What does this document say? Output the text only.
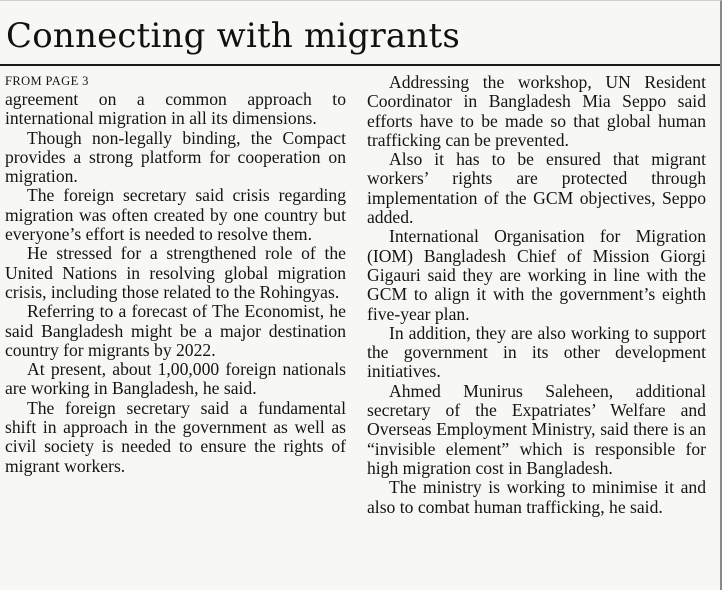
Connecting with migrants
FROM PAGE 3

agreement on a common approach to international migration in all its dimensions.

Though non-legally binding, the Compact provides a strong platform for cooperation on migration.

The foreign secretary said crisis regarding migration was often created by one country but everyone’s effort is needed to resolve them.

He stressed for a strengthened role of the United Nations in resolving global migration crisis, including those related to the Rohingyas.

Referring to a forecast of The Economist, he said Bangladesh might be a major destination country for migrants by 2022.

At present, about 1,00,000 foreign nationals are working in Bangladesh, he said.

The foreign secretary said a fundamental shift in approach in the government as well as civil society is needed to ensure the rights of migrant workers.

Addressing the workshop, UN Resident Coordinator in Bangladesh Mia Seppo said efforts have to be made so that global human trafficking can be prevented.

Also it has to be ensured that migrant workers’ rights are protected through implementation of the GCM objectives, Seppo added.

International Organisation for Migration (IOM) Bangladesh Chief of Mission Giorgi Gigauri said they are working in line with the GCM to align it with the government’s eighth five-year plan.

In addition, they are also working to support the government in its other development initiatives.

Ahmed Munirus Saleheen, additional secretary of the Expatriates’ Welfare and Overseas Employment Ministry, said there is an “invisible element” which is responsible for high migration cost in Bangladesh.

The ministry is working to minimise it and also to combat human trafficking, he said.
